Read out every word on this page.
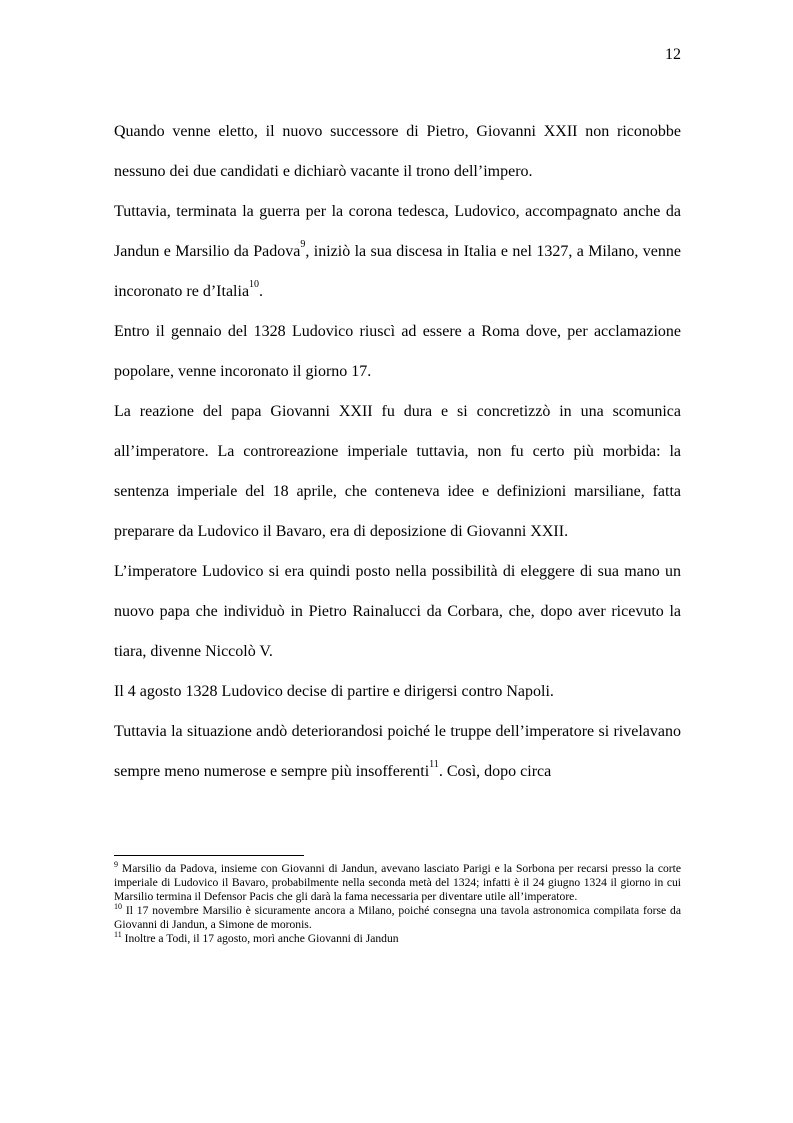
12

Quando venne eletto, il nuovo successore di Pietro, Giovanni XXII non riconobbe nessuno dei due candidati e dichiarò vacante il trono dell’impero.

Tuttavia, terminata la guerra per la corona tedesca, Ludovico, accompagnato anche da Jandun e Marsilio da Padova$^9$, iniziò la sua discesa in Italia e nel 1327, a Milano, venne incoronato re d’Italia$^{10}$.

Entro il gennaio del 1328 Ludovico riuscì ad essere a Roma dove, per acclamazione popolare, venne incoronato il giorno 17.

La reazione del papa Giovanni XXII fu dura e si concretizzò in una scomunica all’imperatore. La controreazione imperiale tuttavia, non fu certo più morbida: la sentenza imperiale del 18 aprile, che conteneva idee e definizioni marsiliane, fatta preparare da Ludovico il Bavaro, era di deposizione di Giovanni XXII.

L’imperatore Ludovico si era quindi posto nella possibilità di eleggere di sua mano un nuovo papa che individuò in Pietro Rainalucci da Corbara, che, dopo aver ricevuto la tiara, divenne Niccolò V.

Il 4 agosto 1328 Ludovico decise di partire e dirigersi contro Napoli.

Tuttavia la situazione andò deteriorandosi poiché le truppe dell’imperatore si rivelavano sempre meno numerose e sempre più insofferenti$^{11}$. Così, dopo circa

$^9$ Marsilio da Padova, insieme con Giovanni di Jandun, avevano lasciato Parigi e la Sorbona per recarsi presso la corte imperiale di Ludovico il Bavaro, probabilmente nella seconda metà del 1324; infatti è il 24 giugno 1324 il giorno in cui Marsilio termina il Defensor Pacis che gli darà la fama necessaria per diventare utile all’imperatore.

$^{10}$ Il 17 novembre Marsilio è sicuramente ancora a Milano, poiché consegna una tavola astronomica compilata forse da Giovanni di Jandun, a Simone de moronis.

$^{11}$ Inoltre a Todi, il 17 agosto, morì anche Giovanni di Jandun
